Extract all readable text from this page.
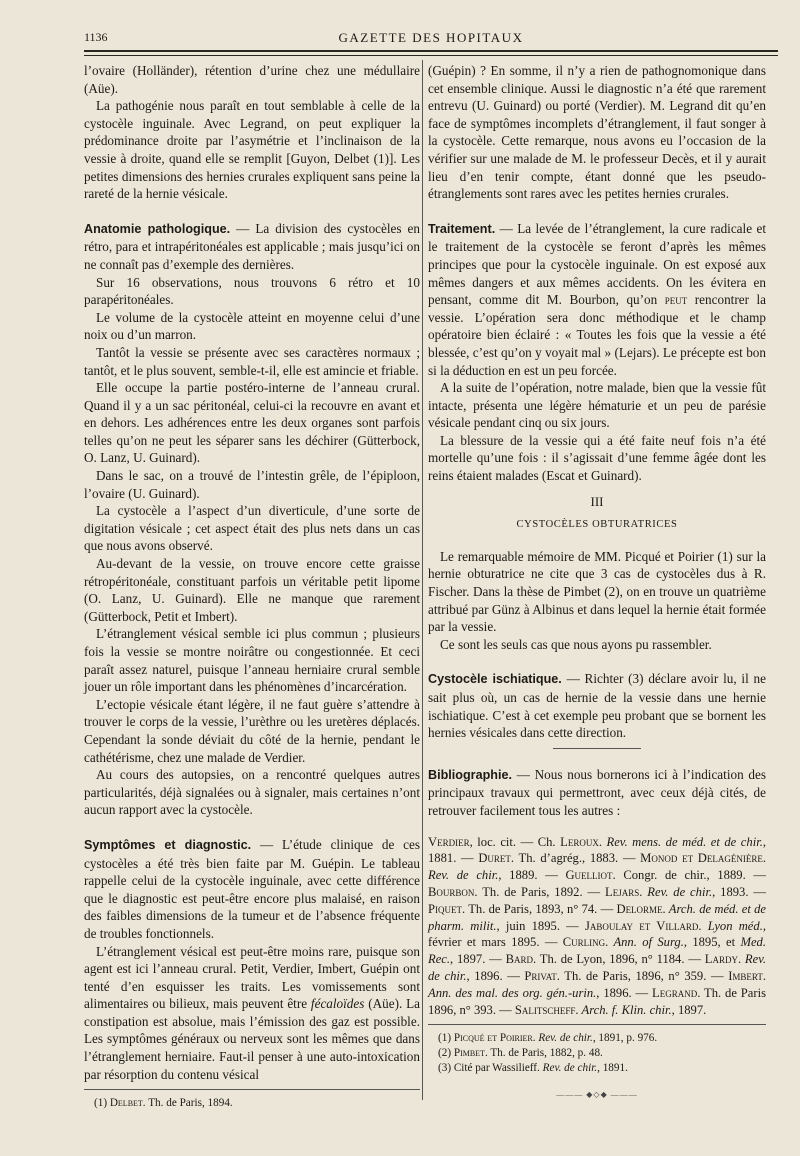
1136	GAZETTE DES HOPITAUX

l’ovaire (Holländer), rétention d’urine chez une médullaire (Aüe).

La pathogénie nous paraît en tout semblable à celle de la cystocèle inguinale. Avec Legrand, on peut expliquer la prédominance droite par l’asymétrie et l’inclinaison de la vessie à droite, quand elle se remplit [Guyon, Delbet (1)]. Les petites dimensions des hernies crurales expliquent sans peine la rareté de la hernie vésicale.

Anatomie pathologique. — La division des cystocèles en rétro, para et intrapéritonéales est applicable ; mais jusqu’ici on ne connaît pas d’exemple des dernières.

Sur 16 observations, nous trouvons 6 rétro et 10 parapéritonéales.

Le volume de la cystocèle atteint en moyenne celui d’une noix ou d’un marron.

Tantôt la vessie se présente avec ses caractères normaux ; tantôt, et le plus souvent, semble-t-il, elle est amincie et friable.

Elle occupe la partie postéro-interne de l’anneau crural. Quand il y a un sac péritonéal, celui-ci la recouvre en avant et en dehors. Les adhérences entre les deux organes sont parfois telles qu’on ne peut les séparer sans les déchirer (Gütterbock, O. Lanz, U. Guinard).

Dans le sac, on a trouvé de l’intestin grêle, de l’épiploon, l’ovaire (U. Guinard).

La cystocèle a l’aspect d’un diverticule, d’une sorte de digitation vésicale ; cet aspect était des plus nets dans un cas que nous avons observé.

Au-devant de la vessie, on trouve encore cette graisse rétropéritonéale, constituant parfois un véritable petit lipome (O. Lanz, U. Guinard). Elle ne manque que rarement (Gütterbock, Petit et Imbert).

L’étranglement vésical semble ici plus commun ; plusieurs fois la vessie se montre noirâtre ou congestionnée. Et ceci paraît assez naturel, puisque l’anneau herniaire crural semble jouer un rôle important dans les phénomènes d’incarcération.

L’ectopie vésicale étant légère, il ne faut guère s’attendre à trouver le corps de la vessie, l’urèthre ou les uretères déplacés. Cependant la sonde déviait du côté de la hernie, pendant le cathétérisme, chez une malade de Verdier.

Au cours des autopsies, on a rencontré quelques autres particularités, déjà signalées ou à signaler, mais certaines n’ont aucun rapport avec la cystocèle.

Symptômes et diagnostic. — L’étude clinique de ces cystocèles a été très bien faite par M. Guépin. Le tableau rappelle celui de la cystocèle inguinale, avec cette différence que le diagnostic est peut-être encore plus malaisé, en raison des faibles dimensions de la tumeur et de l’absence fréquente de troubles fonctionnels.

L’étranglement vésical est peut-être moins rare, puisque son agent est ici l’anneau crural. Petit, Verdier, Imbert, Guépin ont tenté d’en esquisser les traits. Les vomissements sont alimentaires ou bilieux, mais peuvent être fécaloïdes (Aüe). La constipation est absolue, mais l’émission des gaz est possible. Les symptômes généraux ou nerveux sont les mêmes que dans l’étranglement herniaire. Faut-il penser à une auto-intoxication par résorption du contenu vésical

(1) Delbet. Th. de Paris, 1894.

(Guépin) ? En somme, il n’y a rien de pathognomonique dans cet ensemble clinique. Aussi le diagnostic n’a été que rarement entrevu (U. Guinard) ou porté (Verdier). M. Legrand dit qu’en face de symptômes incomplets d’étranglement, il faut songer à la cystocèle. Cette remarque, nous avons eu l’occasion de la vérifier sur une malade de M. le professeur Decès, et il y aurait lieu d’en tenir compte, étant donné que les pseudo-étranglements sont rares avec les petites hernies crurales.

Traitement. — La levée de l’étranglement, la cure radicale et le traitement de la cystocèle se feront d’après les mêmes principes que pour la cystocèle inguinale. On est exposé aux mêmes dangers et aux mêmes accidents. On les évitera en pensant, comme dit M. Bourbon, qu’on peut rencontrer la vessie. L’opération sera donc méthodique et le champ opératoire bien éclairé : « Toutes les fois que la vessie a été blessée, c’est qu’on y voyait mal » (Lejars). Le précepte est bon si la déduction en est un peu forcée.

A la suite de l’opération, notre malade, bien que la vessie fût intacte, présenta une légère hématurie et un peu de parésie vésicale pendant cinq ou six jours.

La blessure de la vessie qui a été faite neuf fois n’a été mortelle qu’une fois : il s’agissait d’une femme âgée dont les reins étaient malades (Escat et Guinard).

III

CYSTOCÈLES OBTURATRICES

Le remarquable mémoire de MM. Picqué et Poirier (1) sur la hernie obturatrice ne cite que 3 cas de cystocèles dus à R. Fischer. Dans la thèse de Pimbet (2), on en trouve un quatrième attribué par Günz à Albinus et dans lequel la hernie était formée par la vessie.

Ce sont les seuls cas que nous ayons pu rassembler.

Cystocèle ischiatique. — Richter (3) déclare avoir lu, il ne sait plus où, un cas de hernie de la vessie dans une hernie ischiatique. C’est à cet exemple peu probant que se bornent les hernies vésicales dans cette direction.

Bibliographie. — Nous nous bornerons ici à l’indication des principaux travaux qui permettront, avec ceux déjà cités, de retrouver facilement tous les autres :

Verdier, loc. cit. — Ch. Leroux. Rev. mens. de méd. et de chir., 1881. — Duret. Th. d’agrég., 1883. — Monod et Delagénière. Rev. de chir., 1889. — Guelliot. Congr. de chir., 1889. — Bourbon. Th. de Paris, 1892. — Lejars. Rev. de chir., 1893. — Piquet. Th. de Paris, 1893, n° 74. — Delorme. Arch. de méd. et de pharm. milit., juin 1895. — Jaboulay et Villard. Lyon méd., février et mars 1895. — Curling. Ann. of Surg., 1895, et Med. Rec., 1897. — Bard. Th. de Lyon, 1896, n° 1184. — Lardy. Rev. de chir., 1896. — Privat. Th. de Paris, 1896, n° 359. — Imbert. Ann. des mal. des org. gén.-urin., 1896. — Legrand. Th. de Paris 1896, n° 393. — Salitscheff. Arch. f. Klin. chir., 1897.

(1) Picqué et Poirier. Rev. de chir., 1891, p. 976.

(2) Pimbet. Th. de Paris, 1882, p. 48.

(3) Cité par Wassilieff. Rev. de chir., 1891.

——— ◆◇◆ ———
